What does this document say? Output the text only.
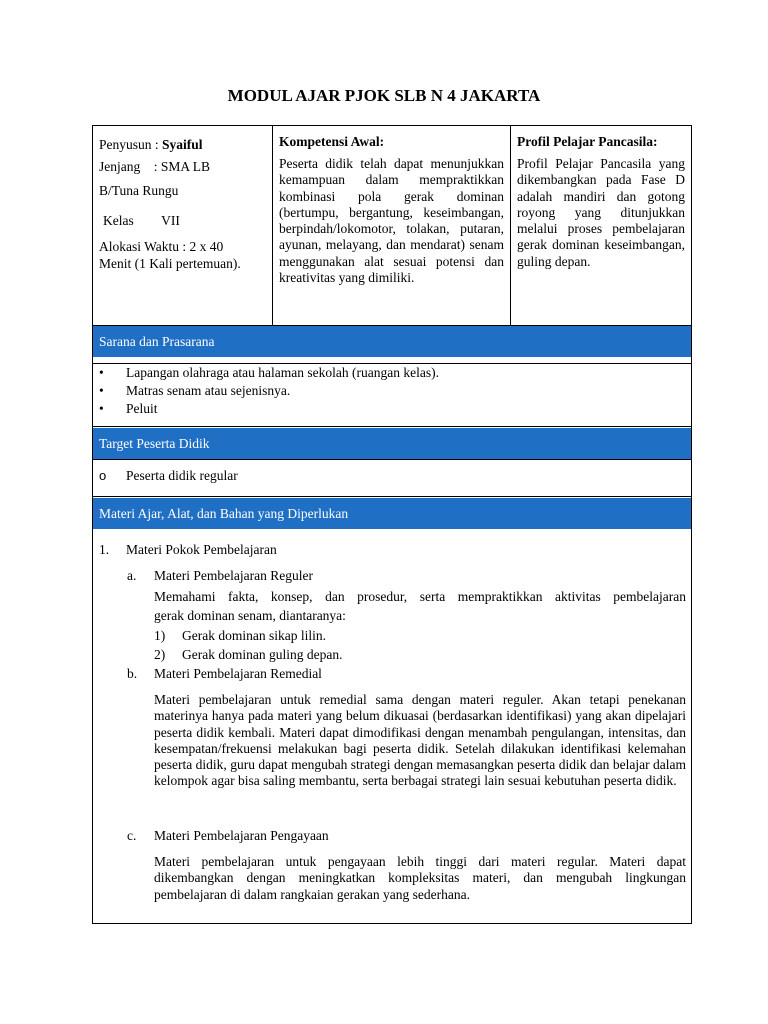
MODUL AJAR PJOK SLB N 4 JAKARTA
Penyusun : Syaiful
Jenjang    : SMA LB
B/Tuna Rungu
Kelas VII
Alokasi Waktu : 2 x 40
Menit (1 Kali pertemuan).
Kompetensi Awal:
Peserta didik telah dapat menunjukkan kemampuan dalam mempraktikkan kombinasi pola gerak dominan (bertumpu, bergantung, keseimbangan, berpindah/lokomotor, tolakan, putaran, ayunan, melayang, dan mendarat) senam menggunakan alat sesuai potensi dan kreativitas yang dimiliki.
Profil Pelajar Pancasila:
Profil Pelajar Pancasila yang dikembangkan pada Fase D adalah mandiri dan gotong royong yang ditunjukkan melalui proses pembelajaran gerak dominan keseimbangan, guling depan.
Sarana dan Prasarana
• Lapangan olahraga atau halaman sekolah (ruangan kelas).
• Matras senam atau sejenisnya.
• Peluit
Target Peserta Didik
o Peserta didik regular
Materi Ajar, Alat, dan Bahan yang Diperlukan
1. Materi Pokok Pembelajaran
a. Materi Pembelajaran Reguler
Memahami fakta, konsep, dan prosedur, serta mempraktikkan aktivitas pembelajaran
gerak dominan senam, diantaranya:
1) Gerak dominan sikap lilin.
2) Gerak dominan guling depan.
b. Materi Pembelajaran Remedial
Materi pembelajaran untuk remedial sama dengan materi reguler. Akan tetapi penekanan materinya hanya pada materi yang belum dikuasai (berdasarkan identifikasi) yang akan dipelajari peserta didik kembali. Materi dapat dimodifikasi dengan menambah pengulangan, intensitas, dan kesempatan/frekuensi melakukan bagi peserta didik. Setelah dilakukan identifikasi kelemahan peserta didik, guru dapat mengubah strategi dengan memasangkan peserta didik dan belajar dalam kelompok agar bisa saling membantu, serta berbagai strategi lain sesuai kebutuhan peserta didik.
c. Materi Pembelajaran Pengayaan
Materi pembelajaran untuk pengayaan lebih tinggi dari materi regular. Materi dapat dikembangkan dengan meningkatkan kompleksitas materi, dan mengubah lingkungan pembelajaran di dalam rangkaian gerakan yang sederhana.
